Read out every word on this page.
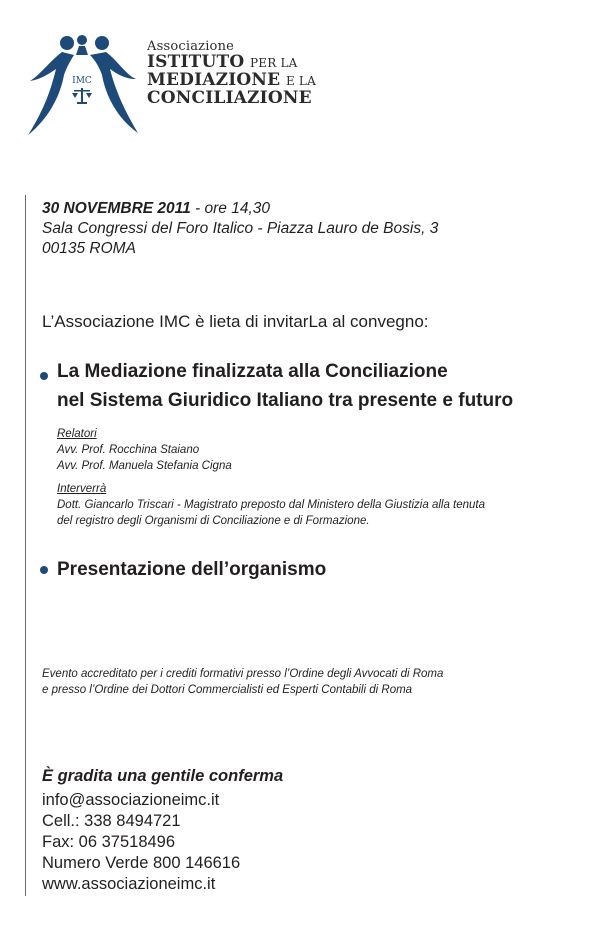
IMC
Associazione
ISTITUTO PER LA
MEDIAZIONE E LA
CONCILIAZIONE
30 NOVEMBRE 2011 - ore 14,30
Sala Congressi del Foro Italico - Piazza Lauro de Bosis, 3
00135 ROMA
L’Associazione IMC è lieta di invitarLa al convegno:
La Mediazione finalizzata alla Conciliazione
nel Sistema Giuridico Italiano tra presente e futuro
Relatori
Avv. Prof. Rocchina Staiano
Avv. Prof. Manuela Stefania Cigna
Interverrà
Dott. Giancarlo Triscari - Magistrato preposto dal Ministero della Giustizia alla tenuta
del registro degli Organismi di Conciliazione e di Formazione.
Presentazione dell’organismo
Evento accreditato per i crediti formativi presso l’Ordine degli Avvocati di Roma
e presso l’Ordine dei Dottori Commercialisti ed Esperti Contabili di Roma
È gradita una gentile conferma
info@associazioneimc.it
Cell.: 338 8494721
Fax: 06 37518496
Numero Verde 800 146616
www.associazioneimc.it
